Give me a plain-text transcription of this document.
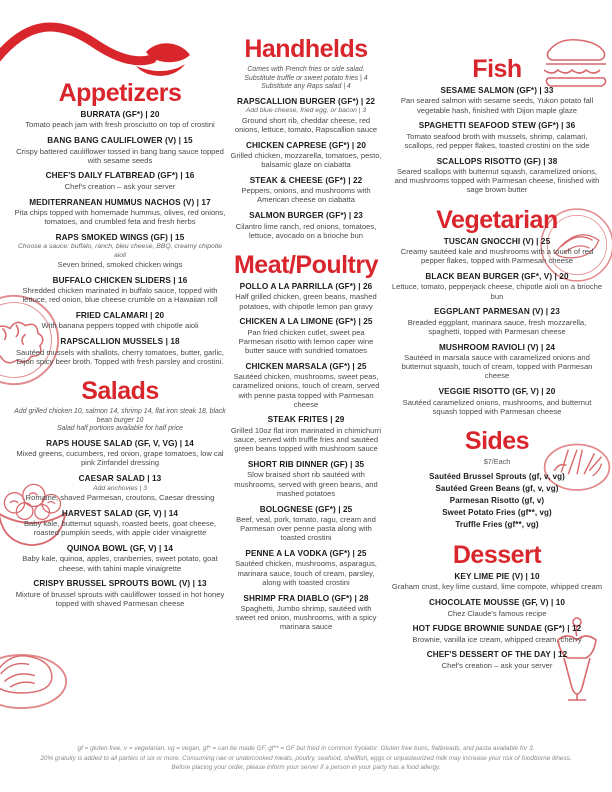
Appetizers
BURRATA (GF*) | 20
Tomato peach jam with fresh prosciutto on top of crostini
BANG BANG CAULIFLOWER (V) | 15
Crispy battered cauliflower tossed in bang bang sauce topped with sesame seeds
CHEF'S DAILY FLATBREAD (GF*) | 16
Chef's creation – ask your server
MEDITERRANEAN HUMMUS NACHOS (V) | 17
Pita chips topped with homemade hummus, olives, red onions, tomatoes, and crumbled feta and fresh herbs
RAPS SMOKED WINGS (GF) | 15
Choose a sauce: buffalo, ranch, bleu cheese, BBQ, creamy chipotle aioli
Seven brined, smoked chicken wings
BUFFALO CHICKEN SLIDERS | 16
Shredded chicken marinated in buffalo sauce, topped with lettuce, red onion, blue cheese crumble on a Hawaiian roll
FRIED CALAMARI | 20
With banana peppers topped with chipotle aioli
RAPSCALLION MUSSELS | 18
Sautéed mussels with shallots, cherry tomatoes, butter, garlic, Dijon spicy beer broth. Topped with fresh parsley and crostini.
Salads
Add grilled chicken 10, salmon 14, shrimp 14, flat iron steak 18, black bean burger 10
Salad half portions available for half price
RAPS HOUSE SALAD (GF, V, VG) | 14
Mixed greens, cucumbers, red onion, grape tomatoes, low cal pink Zinfandel dressing
CAESAR SALAD | 13
Add anchovies | 3
Romaine, shaved Parmesan, croutons, Caesar dressing
HARVEST SALAD (GF, V) | 14
Baby kale, butternut squash, roasted beets, goat cheese, roasted pumpkin seeds, with apple cider vinaigrette
QUINOA BOWL (GF, V) | 14
Baby kale, quinoa, apples, cranberries, sweet potato, goat cheese, with tahini maple vinaigrette
CRISPY BRUSSEL SPROUTS BOWL (V) | 13
Mixture of brussel sprouts with cauliflower tossed in hot honey topped with shaved Parmesan cheese
Handhelds
Comes with French fries or side salad.
Substitute truffle or sweet potato fries | 4
Substitute any Raps salad | 4
RAPSCALLION BURGER (GF*) | 22
Add blue cheese, fried egg, or bacon | 3
Ground short rib, cheddar cheese, red onions, lettuce, tomato, Rapscallion sauce
CHICKEN CAPRESE (GF*) | 20
Grilled chicken, mozzarella, tomatoes, pesto, balsamic glaze on ciabatta
STEAK & CHEESE (GF*) | 22
Peppers, onions, and mushrooms with American cheese on ciabatta
SALMON BURGER (GF*) | 23
Cilantro lime ranch, red onions, tomatoes, lettuce, avocado on a brioche bun
Meat/Poultry
POLLO A LA PARRILLA (GF*) | 26
Half grilled chicken, green beans, mashed potatoes, with chipotle lemon pan gravy
CHICKEN A LA LIMONE (GF*) | 25
Pan fried chicken cutlet, sweet pea Parmesan risotto with lemon caper wine butter sauce with sundried tomatoes
CHICKEN MARSALA (GF*) | 25
Sautéed chicken, mushrooms, sweet peas, caramelized onions, touch of cream, served with penne pasta topped with Parmesan cheese
STEAK FRITES | 29
Grilled 10oz flat iron marinated in chimichurri sauce, served with truffle fries and sautéed green beans topped with mushroom sauce
SHORT RIB DINNER (GF) | 35
Slow braised short rib sautéed with mushrooms, served with green beans, and mashed potatoes
BOLOGNESE (GF*) | 25
Beef, veal, pork, tomato, ragu, cream and Parmesan over penne pasta along with toasted crostini
PENNE A LA VODKA (GF*) | 25
Sautéed chicken, mushrooms, asparagus, marinara sauce, touch of cream, parsley, along with toasted crostini
SHRIMP FRA DIABLO (GF*) | 28
Spaghetti, Jumbo shrimp, sautéed with sweet red onion, mushrooms, with a spicy marinara sauce
Fish
SESAME SALMON (GF*) | 33
Pan seared salmon with sesame seeds, Yukon potato fall vegetable hash, finished with Dijon maple glaze
SPAGHETTI SEAFOOD STEW (GF*) | 36
Tomato seafood broth with mussels, shrimp, calamari, scallops, red pepper flakes, toasted crostini on the side
SCALLOPS RISOTTO (GF) | 38
Seared scallops with butternut squash, caramelized onions, and mushrooms topped with Parmesan cheese, finished with sage brown butter
Vegetarian
TUSCAN GNOCCHI (V) | 25
Creamy sautéed kale and mushrooms with a touch of red pepper flakes, topped with Parmesan cheese
BLACK BEAN BURGER (GF*, V) | 20
Lettuce, tomato, pepperjack cheese, chipotle aioli on a brioche bun
EGGPLANT PARMESAN (V) | 23
Breaded eggplant, marinara sauce, fresh mozzarella, spaghetti, topped with Parmesan cheese
MUSHROOM RAVIOLI (V) | 24
Sautéed in marsala sauce with caramelized onions and butternut squash, touch of cream, topped with Parmesan cheese
VEGGIE RISOTTO (GF, V) | 20
Sautéed caramelized onions, mushrooms, and butternut squash topped with Parmesan cheese
Sides
$7/Each
Sautéed Brussel Sprouts (gf, v, vg)
Sautéed Green Beans (gf, v, vg)
Parmesan Risotto (gf, v)
Sweet Potato Fries (gf**, vg)
Truffle Fries (gf**, vg)
Dessert
KEY LIME PIE (V) | 10
Graham crust, key lime custard, lime compote, whipped cream
CHOCOLATE MOUSSE (GF, V) | 10
Chez Claude's famous recipe
HOT FUDGE BROWNIE SUNDAE (GF*) | 12
Brownie, vanilla ice cream, whipped cream, cherry
CHEF'S DESSERT OF THE DAY | 12
Chef's creation – ask your server
gf = gluten free, v = vegetarian, vg = vegan, gf* = can be made GF, gf** = GF but fried in common fryolator. Gluten free buns, flatbreads, and pasta available for 3.
20% gratuity is added to all parties of six or more. Consuming raw or undercooked meats, poultry, seafood, shellfish, eggs or unpasteurized milk may increase your risk of foodborne illness.
Before placing your order, please inform your server if a person in your party has a food allergy.
